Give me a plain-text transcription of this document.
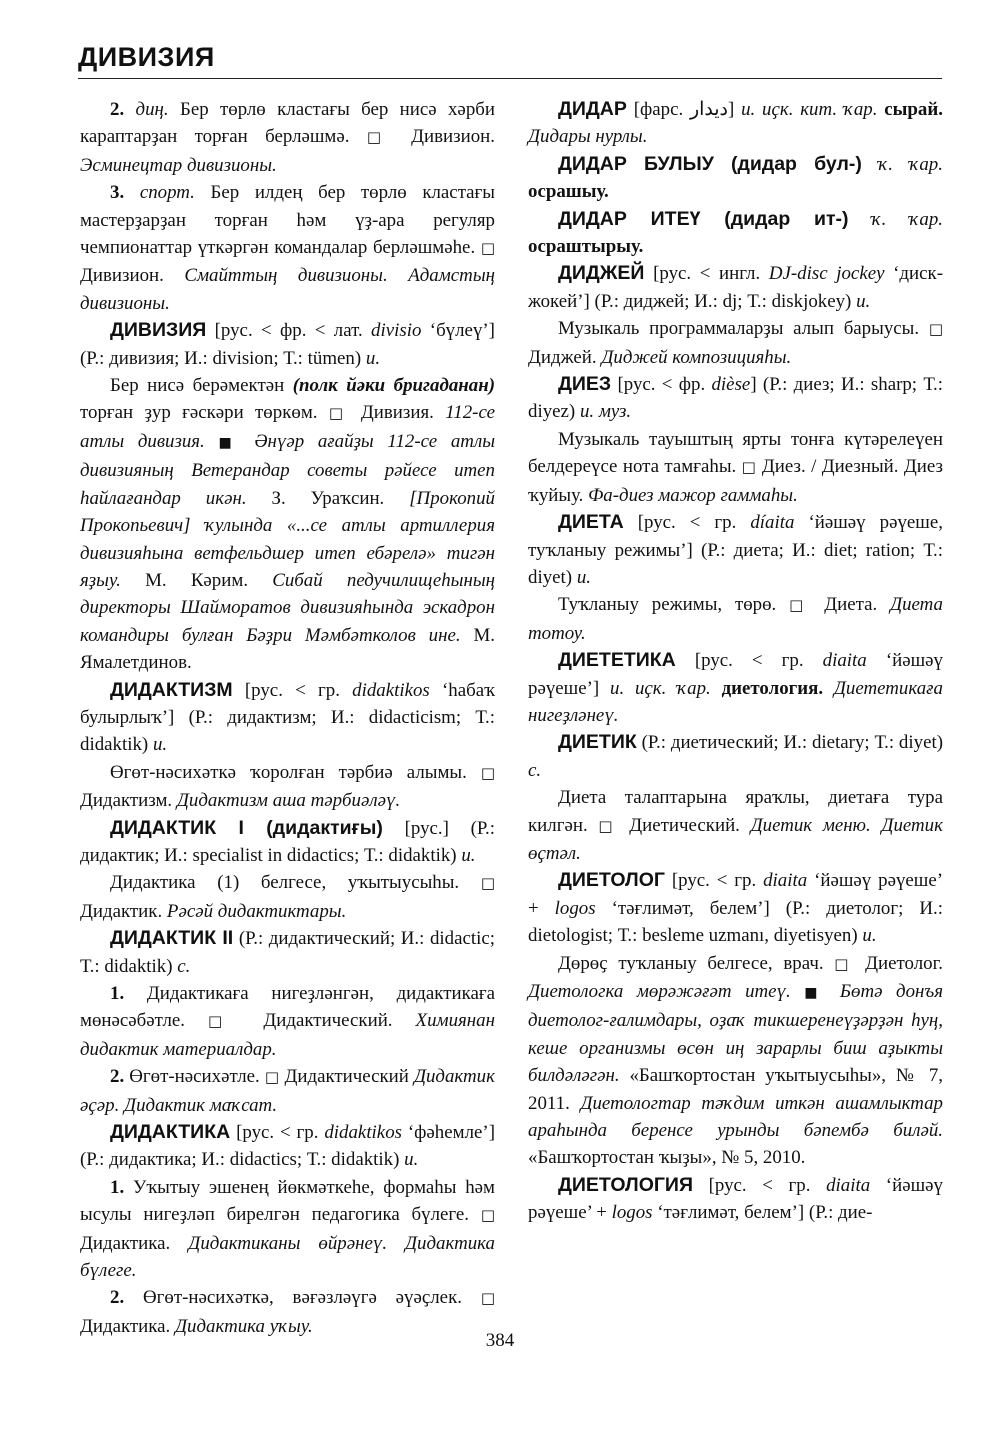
ДИВИЗИЯ

2. диң. Бер төрлө кластағы бер нисә хәрби караптарҙан торған берләшмә. □ Дивизион. Эсминецтар дивизионы.

3. спорт. Бер илдең бер төрлө кластағы мастерҙарҙан торған һәм үҙ-ара регуляр чемпионаттар үткәргән командалар берләшмәһе. □ Дивизион. Смайттың дивизионы. Адамстың дивизионы.

ДИВИЗИЯ [рус. < фр. < лат. divisio ‘бүлеү’] (Р.: дивизия; И.: division; Т.: tümen) и.

Бер нисә берәмектән (полк йәки бригаданан) торған ҙур ғәскәри төркөм. □ Дивизия. 112-се атлы дивизия. ■ Әнүәр ағайҙы 112-се атлы дивизияның Ветерандар советы рәйесе итеп һайлағандар икән. З. Ураҡсин. [Прокопий Прокопьевич] ҡулында «...се атлы артиллерия дивизияһына ветфельдшер итеп ебәрелә» тигән яҙыу. М. Кәрим. Сибай педучилищеһының директоры Шайморатов дивизияһында эскадрон командиры булған Бәҙри Мәмбәтколов ине. М. Ямалетдинов.

ДИДАКТИЗМ [рус. < гр. didaktikos ‘һабаҡ булырлыҡ’] (Р.: дидактизм; И.: didacticism; Т.: didaktik) и.

Өгөт-нәсихәткә ҡоролған тәрбиә алымы. □ Дидактизм. Дидактизм аша тәрбиәләү.

ДИДАКТИК I (дидактиғы) [рус.] (Р.: дидактик; И.: specialist in didactics; Т.: didaktik) и.

Дидактика (1) белгесе, уҡытыусыһы. □ Дидактик. Рәсәй дидактиктары.

ДИДАКТИК II (Р.: дидактический; И.: didactic; Т.: didaktik) с.

1. Дидактикаға нигеҙләнгән, дидактикаға мөнәсәбәтле. □ Дидактический. Химиянан дидактик материалдар.

2. Өгөт-нәсихәтле. □ Дидактический Дидактик әҫәр. Дидактик маҡсат.

ДИДАКТИКА [рус. < гр. didaktikos ‘фәһемле’] (Р.: дидактика; И.: didactics; Т.: didaktik) и.

1. Уҡытыу эшенең йөкмәткеһе, формаһы һәм ысулы нигеҙләп бирелгән педагогика бүлеге. □ Дидактика. Дидактиканы өйрәнеү. Дидактика бүлеге.

2. Өгөт-нәсихәткә, вәғәзләүгә әүәҫлек. □ Дидактика. Дидактика уҡыу.

ДИДАР [фарс. دیدار] и. иҫк. кит. ҡар. сырай. Дидары нурлы.

ДИДАР БУЛЫУ (дидар бул-) ҡ. ҡар. осрашыу.

ДИДАР ИТЕҮ (дидар ит-) ҡ. ҡар. осраштырыу.

ДИДЖЕЙ [рус. < ингл. DJ-disc jockey ‘диск-жокей’] (Р.: диджей; И.: dj; Т.: diskjokey) и.

Музыкаль программаларҙы алып барыусы. □ Диджей. Диджей композицияһы.

ДИЕЗ [рус. < фр. dièse] (Р.: диез; И.: sharp; Т.: diyez) и. муз.

Музыкаль тауыштың ярты тонға күтәрелеүен белдереүсе нота тамғаһы. □ Диез. / Диезный. Диез ҡуйыу. Фа-диез мажор гаммаһы.

ДИЕТА [рус. < гр. díaita ‘йәшәү рәүеше, туҡланыу режимы’] (Р.: диета; И.: diet; ration; Т.: diyet) и.

Туҡланыу режимы, төрө. □ Диета. Диета тотоу.

ДИЕТЕТИКА [рус. < гр. diaita ‘йәшәү рәүеше’] и. иҫк. ҡар. диетология. Диететикаға нигеҙләнеү.

ДИЕТИК (Р.: диетический; И.: dietary; Т.: diyet) с.

Диета талаптарына яраҡлы, диетаға тура килгән. □ Диетический. Диетик меню. Диетик өҫтәл.

ДИЕТОЛОГ [рус. < гр. diaita ‘йәшәү рәүеше’ + logos ‘тәғлимәт, белем’] (Р.: диетолог; И.: dietologist; Т.: besleme uzmanı, diyetisyen) и.

Дөрөҫ туҡланыу белгесе, врач. □ Диетолог. Диетологка мөрәжәғәт итеү. ■ Бөтә донъя диетолог-ғалимдары, оҙаҡ тикшеренеүҙәрҙән һуң, кеше организмы өсөн иң зарарлы биш аҙыкты билдәләгән. «Башҡортостан уҡытыусыһы», № 7, 2011. Диетологтар тәҡдим иткән ашамлыктар араһында беренсе урынды бәпембә биләй. «Башҡортостан ҡыҙы», № 5, 2010.

ДИЕТОЛОГИЯ [рус. < гр. diaita ‘йәшәү рәүеше’ + logos ‘тәғлимәт, белем’] (Р.: дие-

384
